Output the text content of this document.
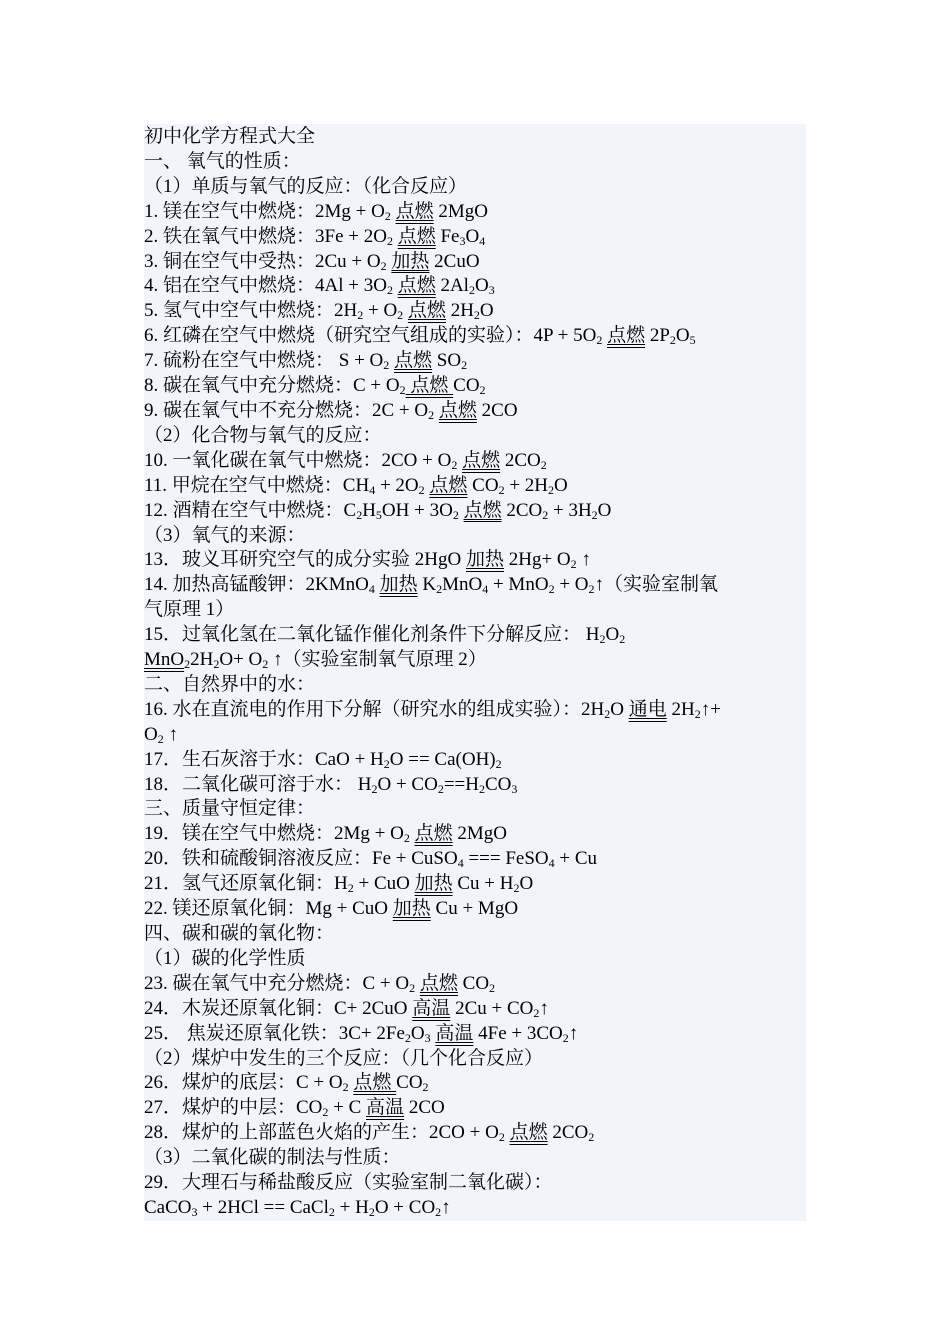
初中化学方程式大全
一、 氧气的性质：
（1）单质与氧气的反应：（化合反应）
1. 镁在空气中燃烧：$2Mg + O_2$ 点燃 2MgO
2. 铁在氧气中燃烧：$3Fe + 2O_2$ 点燃 $Fe_3O_4$
3. 铜在空气中受热：$2Cu + O_2$ 加热 2CuO
4. 铝在空气中燃烧：$4Al + 3O_2$ 点燃 $2Al_2O_3$
5. 氢气中空气中燃烧：$2H_2 + O_2$ 点燃 $2H_2O$
6. 红磷在空气中燃烧（研究空气组成的实验）：$4P + 5O_2$ 点燃 $2P_2O_5$
7. 硫粉在空气中燃烧： $S + O_2$ 点燃 $SO_2$
8. 碳在氧气中充分燃烧：$C + O_2$ 点燃 $CO_2$
9. 碳在氧气中不充分燃烧：$2C + O_2$ 点燃 2CO
（2）化合物与氧气的反应：
10. 一氧化碳在氧气中燃烧：$2CO + O_2$ 点燃 $2CO_2$
11. 甲烷在空气中燃烧：$CH_4 + 2O_2$ 点燃 $CO_2 + 2H_2O$
12. 酒精在空气中燃烧：$C_2H_5OH + 3O_2$ 点燃 $2CO_2 + 3H_2O$
（3）氧气的来源：
13．玻义耳研究空气的成分实验 2HgO 加热 $2Hg+ O_2$ ↑
14. 加热高锰酸钾：2KMnO$_4$ 加热 $K_2MnO_4 + MnO_2$ + $O_2↑$（实验室制氧
气原理 1）
15．过氧化氢在二氧化锰作催化剂条件下分解反应： $H_2O_2$
$MnO_22H_2O+ O_2$ ↑（实验室制氧气原理 2）
二、自然界中的水：
16. 水在直流电的作用下分解（研究水的组成实验）：$2H_2O$ 通电 $2H_2↑+$
$O_2$ ↑
17．生石灰溶于水：CaO + $H_2O == Ca(OH)_2$
18．二氧化碳可溶于水： $H_2O + CO_2==H_2CO_3$
三、质量守恒定律：
19．镁在空气中燃烧：$2Mg + O_2$ 点燃 2MgO
20．铁和硫酸铜溶液反应：Fe + CuSO$_4$ === FeSO$_4$ + Cu
21．氢气还原氧化铜：$H_2$ + CuO 加热 $Cu + H_2O$
22. 镁还原氧化铜：Mg + CuO 加热 Cu + MgO
四、碳和碳的氧化物：
（1）碳的化学性质
23. 碳在氧气中充分燃烧：$C + O_2$ 点燃 $CO_2$
24．木炭还原氧化铜：C+ 2CuO 高温 $2Cu + CO_2↑$
25． 焦炭还原氧化铁：$3C+ 2Fe_2O_3$ 高温 $4Fe + 3CO_2↑$
（2）煤炉中发生的三个反应：（几个化合反应）
26．煤炉的底层：$C + O_2$ 点燃 $CO_2$
27．煤炉的中层：$CO_2 + C$ 高温 2CO
28．煤炉的上部蓝色火焰的产生：$2CO + O_2$ 点燃 $2CO_2$
（3）二氧化碳的制法与性质：
29．大理石与稀盐酸反应（实验室制二氧化碳）：
CaCO$_3$ + 2HCl == CaCl$_2$ + $H_2O$ + $CO_2↑$
